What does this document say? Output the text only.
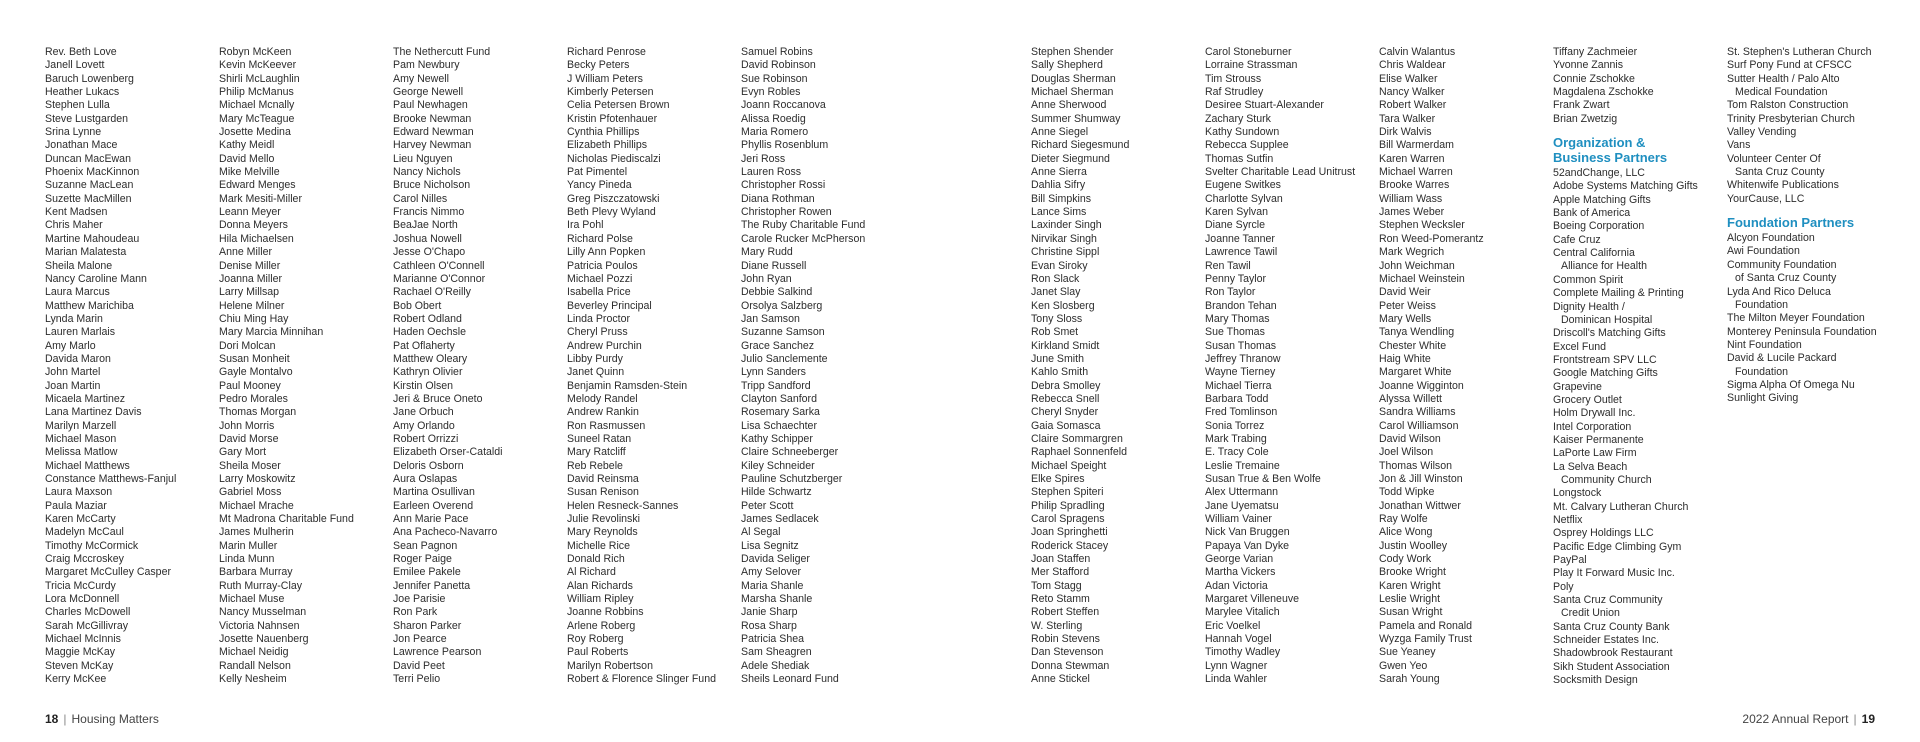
Rev. Beth Love
Janell Lovett
Baruch Lowenberg
Heather Lukacs
Stephen Lulla
Steve Lustgarden
Srina Lynne
Jonathan Mace
Duncan MacEwan
Phoenix MacKinnon
Suzanne MacLean
Suzette MacMillen
Kent Madsen
Chris Maher
Martine Mahoudeau
Marian Malatesta
Sheila Malone
Nancy Caroline Mann
Laura Marcus
Matthew Marichiba
Lynda Marin
Lauren Marlais
Amy Marlo
Davida Maron
John Martel
Joan Martin
Micaela Martinez
Lana Martinez Davis
Marilyn Marzell
Michael Mason
Melissa Matlow
Michael Matthews
Constance Matthews-Fanjul
Laura Maxson
Paula Maziar
Karen McCarty
Madelyn McCaul
Timothy McCormick
Craig Mccroskey
Margaret McCulley Casper
Tricia McCurdy
Lora McDonnell
Charles McDowell
Sarah McGillivray
Michael McInnis
Maggie McKay
Steven McKay
Kerry McKee
Robyn McKeen
Kevin McKeever
Shirli McLaughlin
Philip McManus
Michael Mcnally
Mary McTeague
Josette Medina
Kathy Meidl
David Mello
Mike Melville
Edward Menges
Mark Mesiti-Miller
Leann Meyer
Donna Meyers
Hila Michaelsen
Anne Miller
Denise Miller
Joanna Miller
Larry Millsap
Helene Milner
Chiu Ming Hay
Mary Marcia Minnihan
Dori Molcan
Susan Monheit
Gayle Montalvo
Paul Mooney
Pedro Morales
Thomas Morgan
John Morris
David Morse
Gary Mort
Sheila Moser
Larry Moskowitz
Gabriel Moss
Michael Mrache
Mt Madrona Charitable Fund
James Mulherin
Marin Muller
Linda Munn
Barbara Murray
Ruth Murray-Clay
Michael Muse
Nancy Musselman
Victoria Nahnsen
Josette Nauenberg
Michael Neidig
Randall Nelson
Kelly Nesheim
The Nethercutt Fund
Pam Newbury
Amy Newell
George Newell
Paul Newhagen
Brooke Newman
Edward Newman
Harvey Newman
Lieu Nguyen
Nancy Nichols
Bruce Nicholson
Carol Nilles
Francis Nimmo
BeaJae North
Joshua Nowell
Jesse O'Chapo
Cathleen O'Connell
Marianne O'Connor
Rachael O'Reilly
Bob Obert
Robert Odland
Haden Oechsle
Pat Oflaherty
Matthew Oleary
Kathryn Olivier
Kirstin Olsen
Jeri & Bruce Oneto
Jane Orbuch
Amy Orlando
Robert Orrizzi
Elizabeth Orser-Cataldi
Deloris Osborn
Aura Oslapas
Martina Osullivan
Earleen Overend
Ann Marie Pace
Ana Pacheco-Navarro
Sean Pagnon
Roger Paige
Emilee Pakele
Jennifer Panetta
Joe Parisie
Ron Park
Sharon Parker
Jon Pearce
Lawrence Pearson
David Peet
Terri Pelio
Richard Penrose
Becky Peters
J William Peters
Kimberly Petersen
Celia Petersen Brown
Kristin Pfotenhauer
Cynthia Phillips
Elizabeth Phillips
Nicholas Piediscalzi
Pat Pimentel
Yancy Pineda
Greg Piszczatowski
Beth Plevy Wyland
Ira Pohl
Richard Polse
Lilly Ann Popken
Patricia Poulos
Michael Pozzi
Isabella Price
Beverley Principal
Linda Proctor
Cheryl Pruss
Andrew Purchin
Libby Purdy
Janet Quinn
Benjamin Ramsden-Stein
Melody Randel
Andrew Rankin
Ron Rasmussen
Suneel Ratan
Mary Ratcliff
Reb Rebele
David Reinsma
Susan Renison
Helen Resneck-Sannes
Julie Revolinski
Mary Reynolds
Michelle Rice
Donald Rich
Al Richard
Alan Richards
William Ripley
Joanne Robbins
Arlene Roberg
Roy Roberg
Paul Roberts
Marilyn Robertson
Robert & Florence Slinger Fund
Samuel Robins
David Robinson
Sue Robinson
Evyn Robles
Joann Roccanova
Alissa Roedig
Maria Romero
Phyllis Rosenblum
Jeri Ross
Lauren Ross
Christopher Rossi
Diana Rothman
Christopher Rowen
The Ruby Charitable Fund
Carole Rucker McPherson
Mary Rudd
Diane Russell
John Ryan
Debbie Salkind
Orsolya Salzberg
Jan Samson
Suzanne Samson
Grace Sanchez
Julio Sanclemente
Lynn Sanders
Tripp Sandford
Clayton Sanford
Rosemary Sarka
Lisa Schaechter
Kathy Schipper
Claire Schneeberger
Kiley Schneider
Pauline Schutzberger
Hilde Schwartz
Peter Scott
James Sedlacek
Al Segal
Lisa Segnitz
Davida Seliger
Amy Selover
Maria Shanle
Marsha Shanle
Janie Sharp
Rosa Sharp
Patricia Shea
Sam Sheagren
Adele Shediak
Sheils Leonard Fund
Stephen Shender
Sally Shepherd
Douglas Sherman
Michael Sherman
Anne Sherwood
Summer Shumway
Anne Siegel
Richard Siegesmund
Dieter Siegmund
Anne Sierra
Dahlia Sifry
Bill Simpkins
Lance Sims
Laxinder Singh
Nirvikar Singh
Christine Sippl
Evan Siroky
Ron Slack
Janet Slay
Ken Slosberg
Tony Sloss
Rob Smet
Kirkland Smidt
June Smith
Kahlo Smith
Debra Smolley
Rebecca Snell
Cheryl Snyder
Gaia Somasca
Claire Sommargren
Raphael Sonnenfeld
Michael Speight
Elke Spires
Stephen Spiteri
Philip Spradling
Carol Spragens
Joan Springhetti
Roderick Stacey
Joan Staffen
Mer Stafford
Tom Stagg
Reto Stamm
Robert Steffen
W. Sterling
Robin Stevens
Dan Stevenson
Donna Stewman
Anne Stickel
Carol Stoneburner
Lorraine Strassman
Tim Strouss
Raf Strudley
Desiree Stuart-Alexander
Zachary Sturk
Kathy Sundown
Rebecca Supplee
Thomas Sutfin
Svelter Charitable Lead Unitrust
Eugene Switkes
Charlotte Sylvan
Karen Sylvan
Diane Syrcle
Joanne Tanner
Lawrence Tawil
Ren Tawil
Penny Taylor
Ron Taylor
Brandon Tehan
Mary Thomas
Sue Thomas
Susan Thomas
Jeffrey Thranow
Wayne Tierney
Michael Tierra
Barbara Todd
Fred Tomlinson
Sonia Torrez
Mark Trabing
E. Tracy Cole
Leslie Tremaine
Susan True & Ben Wolfe
Alex Uttermann
Jane Uyematsu
William Vainer
Nick Van Bruggen
Papaya Van Dyke
George Varian
Martha Vickers
Adan Victoria
Margaret Villeneuve
Marylee Vitalich
Eric Voelkel
Hannah Vogel
Timothy Wadley
Lynn Wagner
Linda Wahler
Calvin Walantus
Chris Waldear
Elise Walker
Nancy Walker
Robert Walker
Tara Walker
Dirk Walvis
Bill Warmerdam
Karen Warren
Michael Warren
Brooke Warres
William Wass
James Weber
Stephen Wecksler
Ron Weed-Pomerantz
Mark Wegrich
John Weichman
Michael Weinstein
David Weir
Peter Weiss
Mary Wells
Tanya Wendling
Chester White
Haig White
Margaret White
Joanne Wigginton
Alyssa Willett
Sandra Williams
Carol Williamson
David Wilson
Joel Wilson
Thomas Wilson
Jon & Jill Winston
Todd Wipke
Jonathan Wittwer
Ray Wolfe
Alice Wong
Justin Woolley
Cody Work
Brooke Wright
Karen Wright
Leslie Wright
Susan Wright
Pamela and Ronald
Wyzga Family Trust
Sue Yeaney
Gwen Yeo
Sarah Young
Tiffany Zachmeier
Yvonne Zannis
Connie Zschokke
Magdalena Zschokke
Frank Zwart
Brian Zwetzig
Organization &
Business Partners
52andChange, LLC
Adobe Systems Matching Gifts
Apple Matching Gifts
Bank of America
Boeing Corporation
Cafe Cruz
Central California
Alliance for Health
Common Spirit
Complete Mailing & Printing
Dignity Health /
Dominican Hospital
Driscoll's Matching Gifts
Excel Fund
Frontstream SPV LLC
Google Matching Gifts
Grapevine
Grocery Outlet
Holm Drywall Inc.
Intel Corporation
Kaiser Permanente
LaPorte Law Firm
La Selva Beach
Community Church
Longstock
Mt. Calvary Lutheran Church
Netflix
Osprey Holdings LLC
Pacific Edge Climbing Gym
PayPal
Play It Forward Music Inc.
Poly
Santa Cruz Community
Credit Union
Santa Cruz County Bank
Schneider Estates Inc.
Shadowbrook Restaurant
Sikh Student Association
Socksmith Design
St. Stephen's Lutheran Church
Surf Pony Fund at CFSCC
Sutter Health / Palo Alto
Medical Foundation
Tom Ralston Construction
Trinity Presbyterian Church
Valley Vending
Vans
Volunteer Center Of
Santa Cruz County
Whitenwife Publications
YourCause, LLC
Foundation Partners
Alcyon Foundation
Awi Foundation
Community Foundation
of Santa Cruz County
Lyda And Rico Deluca
Foundation
The Milton Meyer Foundation
Monterey Peninsula Foundation
Nint Foundation
David & Lucile Packard
Foundation
Sigma Alpha Of Omega Nu
Sunlight Giving
18 | Housing Matters	2022 Annual Report | 19
